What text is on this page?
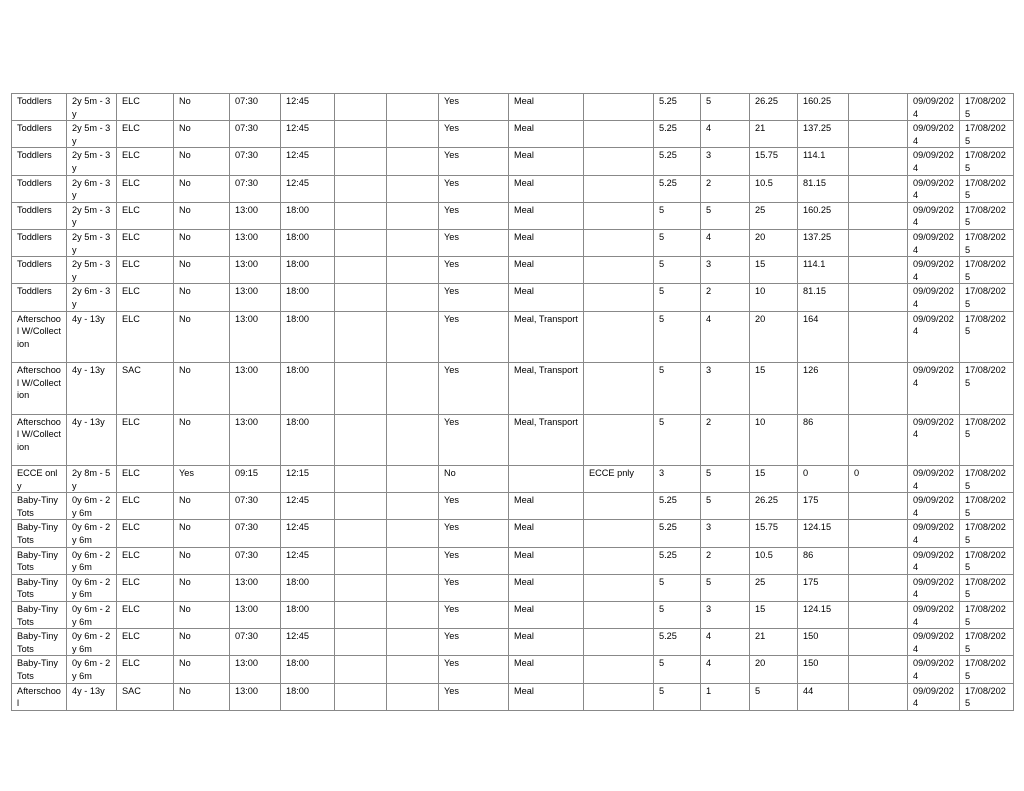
Toddlers	2y 5m - 3y	ELC	No	07:30	12:45			Yes	Meal		5.25	5	26.25	160.25		09/09/2024	17/08/2025
Toddlers	2y 5m - 3y	ELC	No	07:30	12:45			Yes	Meal		5.25	4	21	137.25		09/09/2024	17/08/2025
Toddlers	2y 5m - 3y	ELC	No	07:30	12:45			Yes	Meal		5.25	3	15.75	114.1		09/09/2024	17/08/2025
Toddlers	2y 6m - 3y	ELC	No	07:30	12:45			Yes	Meal		5.25	2	10.5	81.15		09/09/2024	17/08/2025
Toddlers	2y 5m - 3y	ELC	No	13:00	18:00			Yes	Meal		5	5	25	160.25		09/09/2024	17/08/2025
Toddlers	2y 5m - 3y	ELC	No	13:00	18:00			Yes	Meal		5	4	20	137.25		09/09/2024	17/08/2025
Toddlers	2y 5m - 3y	ELC	No	13:00	18:00			Yes	Meal		5	3	15	114.1		09/09/2024	17/08/2025
Toddlers	2y 6m - 3y	ELC	No	13:00	18:00			Yes	Meal		5	2	10	81.15		09/09/2024	17/08/2025
Afterschool W/Collection	4y - 13y	ELC	No	13:00	18:00			Yes	Meal, Transport		5	4	20	164		09/09/2024	17/08/2025
Afterschool W/Collection	4y - 13y	SAC	No	13:00	18:00			Yes	Meal, Transport		5	3	15	126		09/09/2024	17/08/2025
Afterschool W/Collection	4y - 13y	ELC	No	13:00	18:00			Yes	Meal, Transport		5	2	10	86		09/09/2024	17/08/2025
ECCE only	2y 8m - 5y	ELC	Yes	09:15	12:15			No		ECCE pnly	3	5	15	0	0	09/09/2024	17/08/2025
Baby-Tiny Tots	0y 6m - 2y 6m	ELC	No	07:30	12:45			Yes	Meal		5.25	5	26.25	175		09/09/2024	17/08/2025
Baby-Tiny Tots	0y 6m - 2y 6m	ELC	No	07:30	12:45			Yes	Meal		5.25	3	15.75	124.15		09/09/2024	17/08/2025
Baby-Tiny Tots	0y 6m - 2y 6m	ELC	No	07:30	12:45			Yes	Meal		5.25	2	10.5	86		09/09/2024	17/08/2025
Baby-Tiny Tots	0y 6m - 2y 6m	ELC	No	13:00	18:00			Yes	Meal		5	5	25	175		09/09/2024	17/08/2025
Baby-Tiny Tots	0y 6m - 2y 6m	ELC	No	13:00	18:00			Yes	Meal		5	3	15	124.15		09/09/2024	17/08/2025
Baby-Tiny Tots	0y 6m - 2y 6m	ELC	No	07:30	12:45			Yes	Meal		5.25	4	21	150		09/09/2024	17/08/2025
Baby-Tiny Tots	0y 6m - 2y 6m	ELC	No	13:00	18:00			Yes	Meal		5	4	20	150		09/09/2024	17/08/2025
Afterschool	4y - 13y	SAC	No	13:00	18:00			Yes	Meal		5	1	5	44		09/09/2024	17/08/2025
